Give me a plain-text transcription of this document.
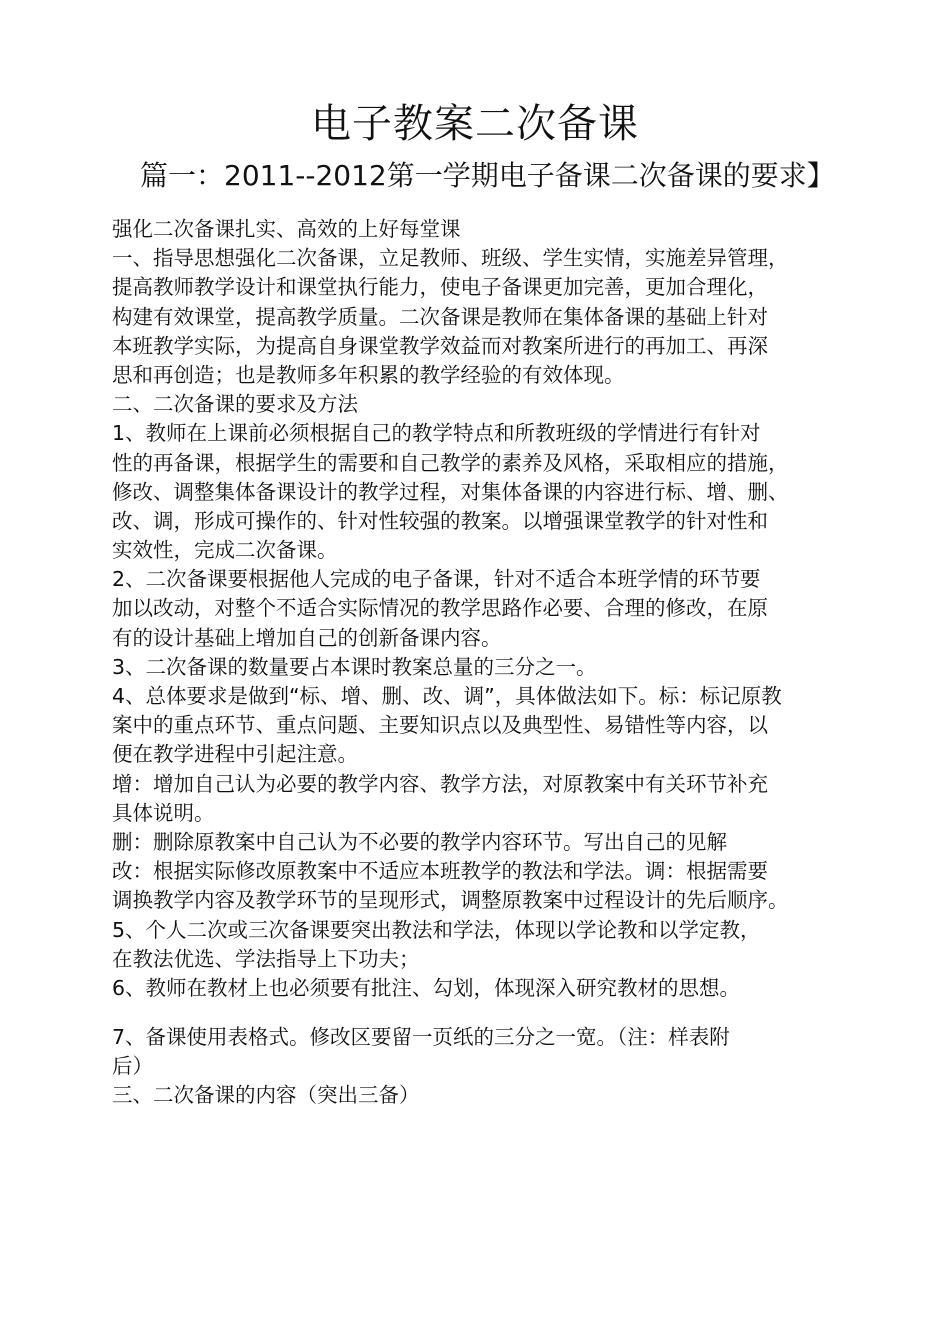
电子教案二次备课
篇一：2011--2012第一学期电子备课二次备课的要求】
强化二次备课扎实、高效的上好每堂课
一、指导思想强化二次备课，立足教师、班级、学生实情，实施差异管理，
提高教师教学设计和课堂执行能力，使电子备课更加完善，更加合理化，
构建有效课堂，提高教学质量。二次备课是教师在集体备课的基础上针对
本班教学实际，为提高自身课堂教学效益而对教案所进行的再加工、再深
思和再创造；也是教师多年积累的教学经验的有效体现。
二、二次备课的要求及方法
1、教师在上课前必须根据自己的教学特点和所教班级的学情进行有针对
性的再备课，根据学生的需要和自己教学的素养及风格，采取相应的措施，
修改、调整集体备课设计的教学过程，对集体备课的内容进行标、增、删、
改、调，形成可操作的、针对性较强的教案。以增强课堂教学的针对性和
实效性，完成二次备课。
2、二次备课要根据他人完成的电子备课，针对不适合本班学情的环节要
加以改动，对整个不适合实际情况的教学思路作必要、合理的修改，在原
有的设计基础上增加自己的创新备课内容。
3、二次备课的数量要占本课时教案总量的三分之一。
4、总体要求是做到“标、增、删、改、调”，具体做法如下。标：标记原教
案中的重点环节、重点问题、主要知识点以及典型性、易错性等内容，以
便在教学进程中引起注意。
增：增加自己认为必要的教学内容、教学方法，对原教案中有关环节补充
具体说明。
删：删除原教案中自己认为不必要的教学内容环节。写出自己的见解
改：根据实际修改原教案中不适应本班教学的教法和学法。调：根据需要
调换教学内容及教学环节的呈现形式，调整原教案中过程设计的先后顺序。
5、个人二次或三次备课要突出教法和学法，体现以学论教和以学定教，
在教法优选、学法指导上下功夫；
6、教师在教材上也必须要有批注、勾划，体现深入研究教材的思想。
7、备课使用表格式。修改区要留一页纸的三分之一宽。（注：样表附
后）
三、二次备课的内容（突出三备）
